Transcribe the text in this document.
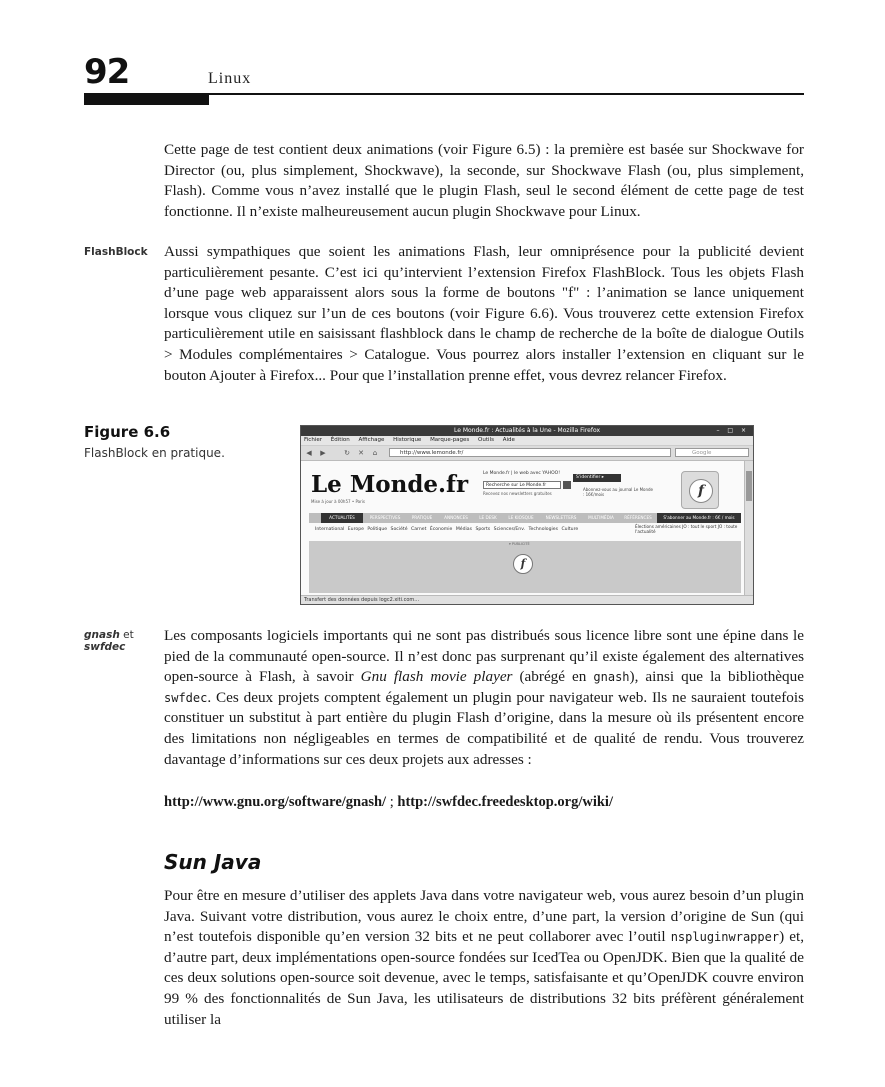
92	Linux
Cette page de test contient deux animations (voir Figure 6.5) : la première est basée sur Shockwave for Director (ou, plus simplement, Shockwave), la seconde, sur Shockwave Flash (ou, plus simplement, Flash). Comme vous n’avez installé que le plugin Flash, seul le second élément de cette page de test fonctionne. Il n’existe malheureusement aucun plugin Shockwave pour Linux.
FlashBlock Aussi sympathiques que soient les animations Flash, leur omniprésence pour la publicité devient particulièrement pesante. C’est ici qu’intervient l’extension Firefox FlashBlock. Tous les objets Flash d’une page web apparaissent alors sous la forme de boutons "f" : l’animation se lance uniquement lorsque vous cliquez sur l’un de ces boutons (voir Figure 6.6). Vous trouverez cette extension Firefox particulièrement utile en saisissant flashblock dans le champ de recherche de la boîte de dialogue Outils > Modules complémentaires > Catalogue. Vous pourrez alors installer l’extension en cliquant sur le bouton Ajouter à Firefox... Pour que l’installation prenne effet, vous devrez relancer Firefox.
Figure 6.6
FlashBlock en pratique.
Le Monde.fr : Actualités à la Une - Mozilla Firefox	– □ ×
Fichier Édition Affichage Historique Marque-pages Outils Aide
◀ ▶	↻ ✕ ⌂	http://www.lemonde.fr/	Google
Le Monde.fr
Mise à jour à 00h57 • Paris
Le Monde.fr | le web avec YAHOO!
Recherche sur Le Monde.fr
Recevez nos newsletters gratuites
S'identifier ▸
Abonnez-vous au journal Le Monde : 16€/mois	f
ACTUALITÉS	PERSPECTIVES	PRATIQUE	ANNONCES	LE DESK	LE KIOSQUE	NEWSLETTERS	MULTIMÉDIA	RÉFÉRENCES	S'abonner au Monde.fr : 6€ / mois
International Europe Politique Société Carnet Économie Médias Sports Sciences/Env. Technologies Culture
Élections américaines JO : tout le sport JO : toute l'actualité
▾ PUBLICITÉ
f
Transfert des données depuis logc2.xiti.com...
gnash et
swfdec
Les composants logiciels importants qui ne sont pas distribués sous licence libre sont une épine dans le pied de la communauté open-source. Il n’est donc pas surprenant qu’il existe également des alternatives open-source à Flash, à savoir Gnu flash movie player (abrégé en gnash), ainsi que la bibliothèque swfdec. Ces deux projets comptent également un plugin pour navigateur web. Ils ne sauraient toutefois constituer un substitut à part entière du plugin Flash d’origine, dans la mesure où ils présentent encore des limitations non négligeables en termes de compatibilité et de qualité de rendu. Vous trouverez davantage d’informations sur ces deux projets aux adresses :
http://www.gnu.org/software/gnash/ ; http://swfdec.freedesktop.org/wiki/
Sun Java
Pour être en mesure d’utiliser des applets Java dans votre navigateur web, vous aurez besoin d’un plugin Java. Suivant votre distribution, vous aurez le choix entre, d’une part, la version d’origine de Sun (qui n’est toutefois disponible qu’en version 32 bits et ne peut collaborer avec l’outil nspluginwrapper) et, d’autre part, deux implémentations open-source fondées sur IcedTea ou OpenJDK. Bien que la qualité de ces deux solutions open-source soit devenue, avec le temps, satisfaisante et qu’OpenJDK couvre environ 99 % des fonctionnalités de Sun Java, les utilisateurs de distributions 32 bits préfèrent généralement utiliser la
